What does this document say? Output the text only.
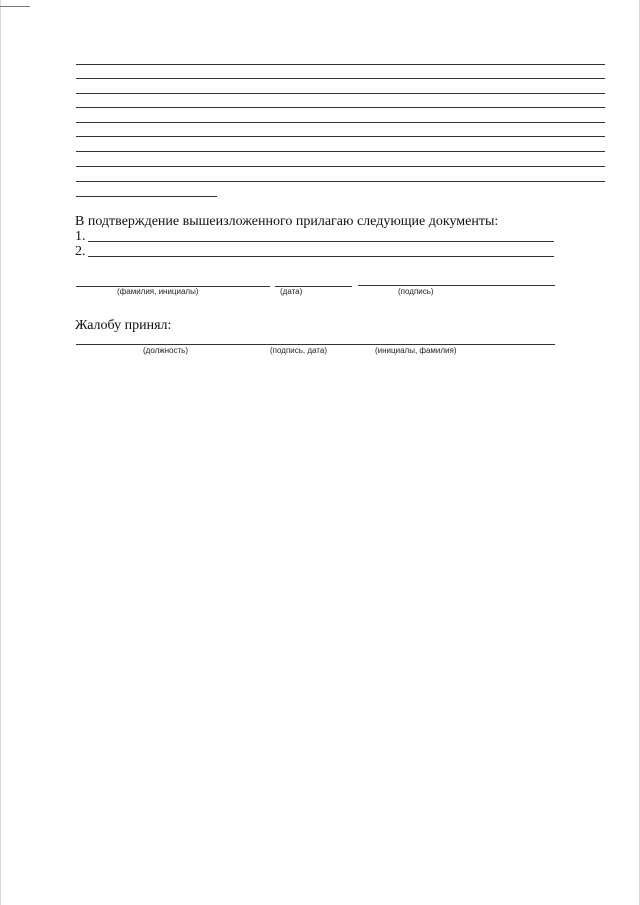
В подтверждение вышеизложенного прилагаю следующие документы:
1.
2.
(фамилия, инициалы)	(дата)	(подпись)
Жалобу принял:
(должность)	(подпись, дата)	(инициалы, фамилия)
